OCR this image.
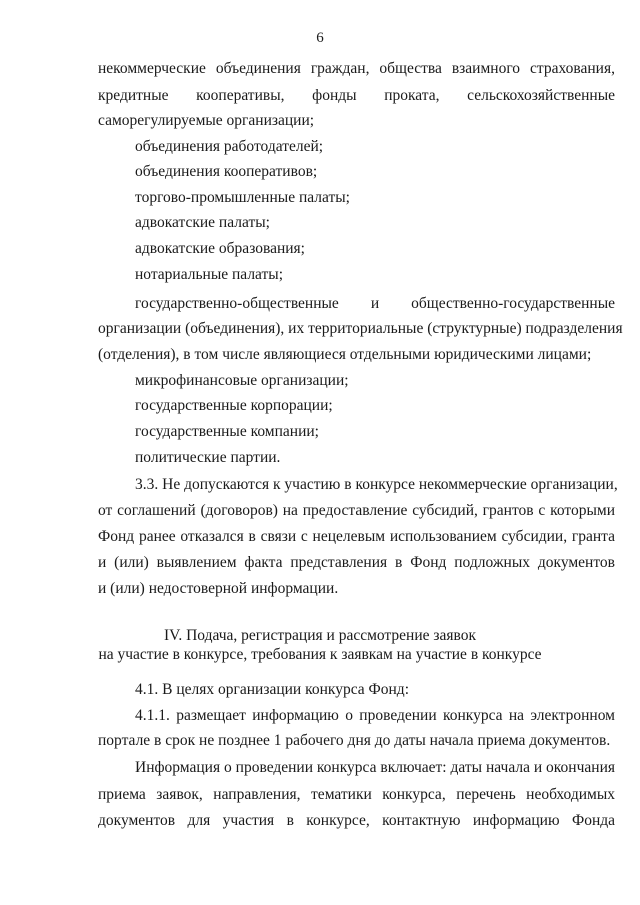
6
некоммерческие объединения граждан, общества взаимного страхования,
кредитные кооперативы, фонды проката, сельскохозяйственные
саморегулируемые организации;
объединения работодателей;
объединения кооперативов;
торгово-промышленные палаты;
адвокатские палаты;
адвокатские образования;
нотариальные палаты;
государственно-общественные и общественно-государственные
организации (объединения), их территориальные (структурные) подразделения
(отделения), в том числе являющиеся отдельными юридическими лицами;
микрофинансовые организации;
государственные корпорации;
государственные компании;
политические партии.
3.3. Не допускаются к участию в конкурсе некоммерческие организации,
от соглашений (договоров) на предоставление субсидий, грантов с которыми
Фонд ранее отказался в связи с нецелевым использованием субсидии, гранта
и (или) выявлением факта представления в Фонд подложных документов
и (или) недостоверной информации.
IV. Подача, регистрация и рассмотрение заявок
на участие в конкурсе, требования к заявкам на участие в конкурсе
4.1. В целях организации конкурса Фонд:
4.1.1. размещает информацию о проведении конкурса на электронном
портале в срок не позднее 1 рабочего дня до даты начала приема документов.
Информация о проведении конкурса включает: даты начала и окончания
приема заявок, направления, тематики конкурса, перечень необходимых
документов для участия в конкурсе, контактную информацию Фонда
